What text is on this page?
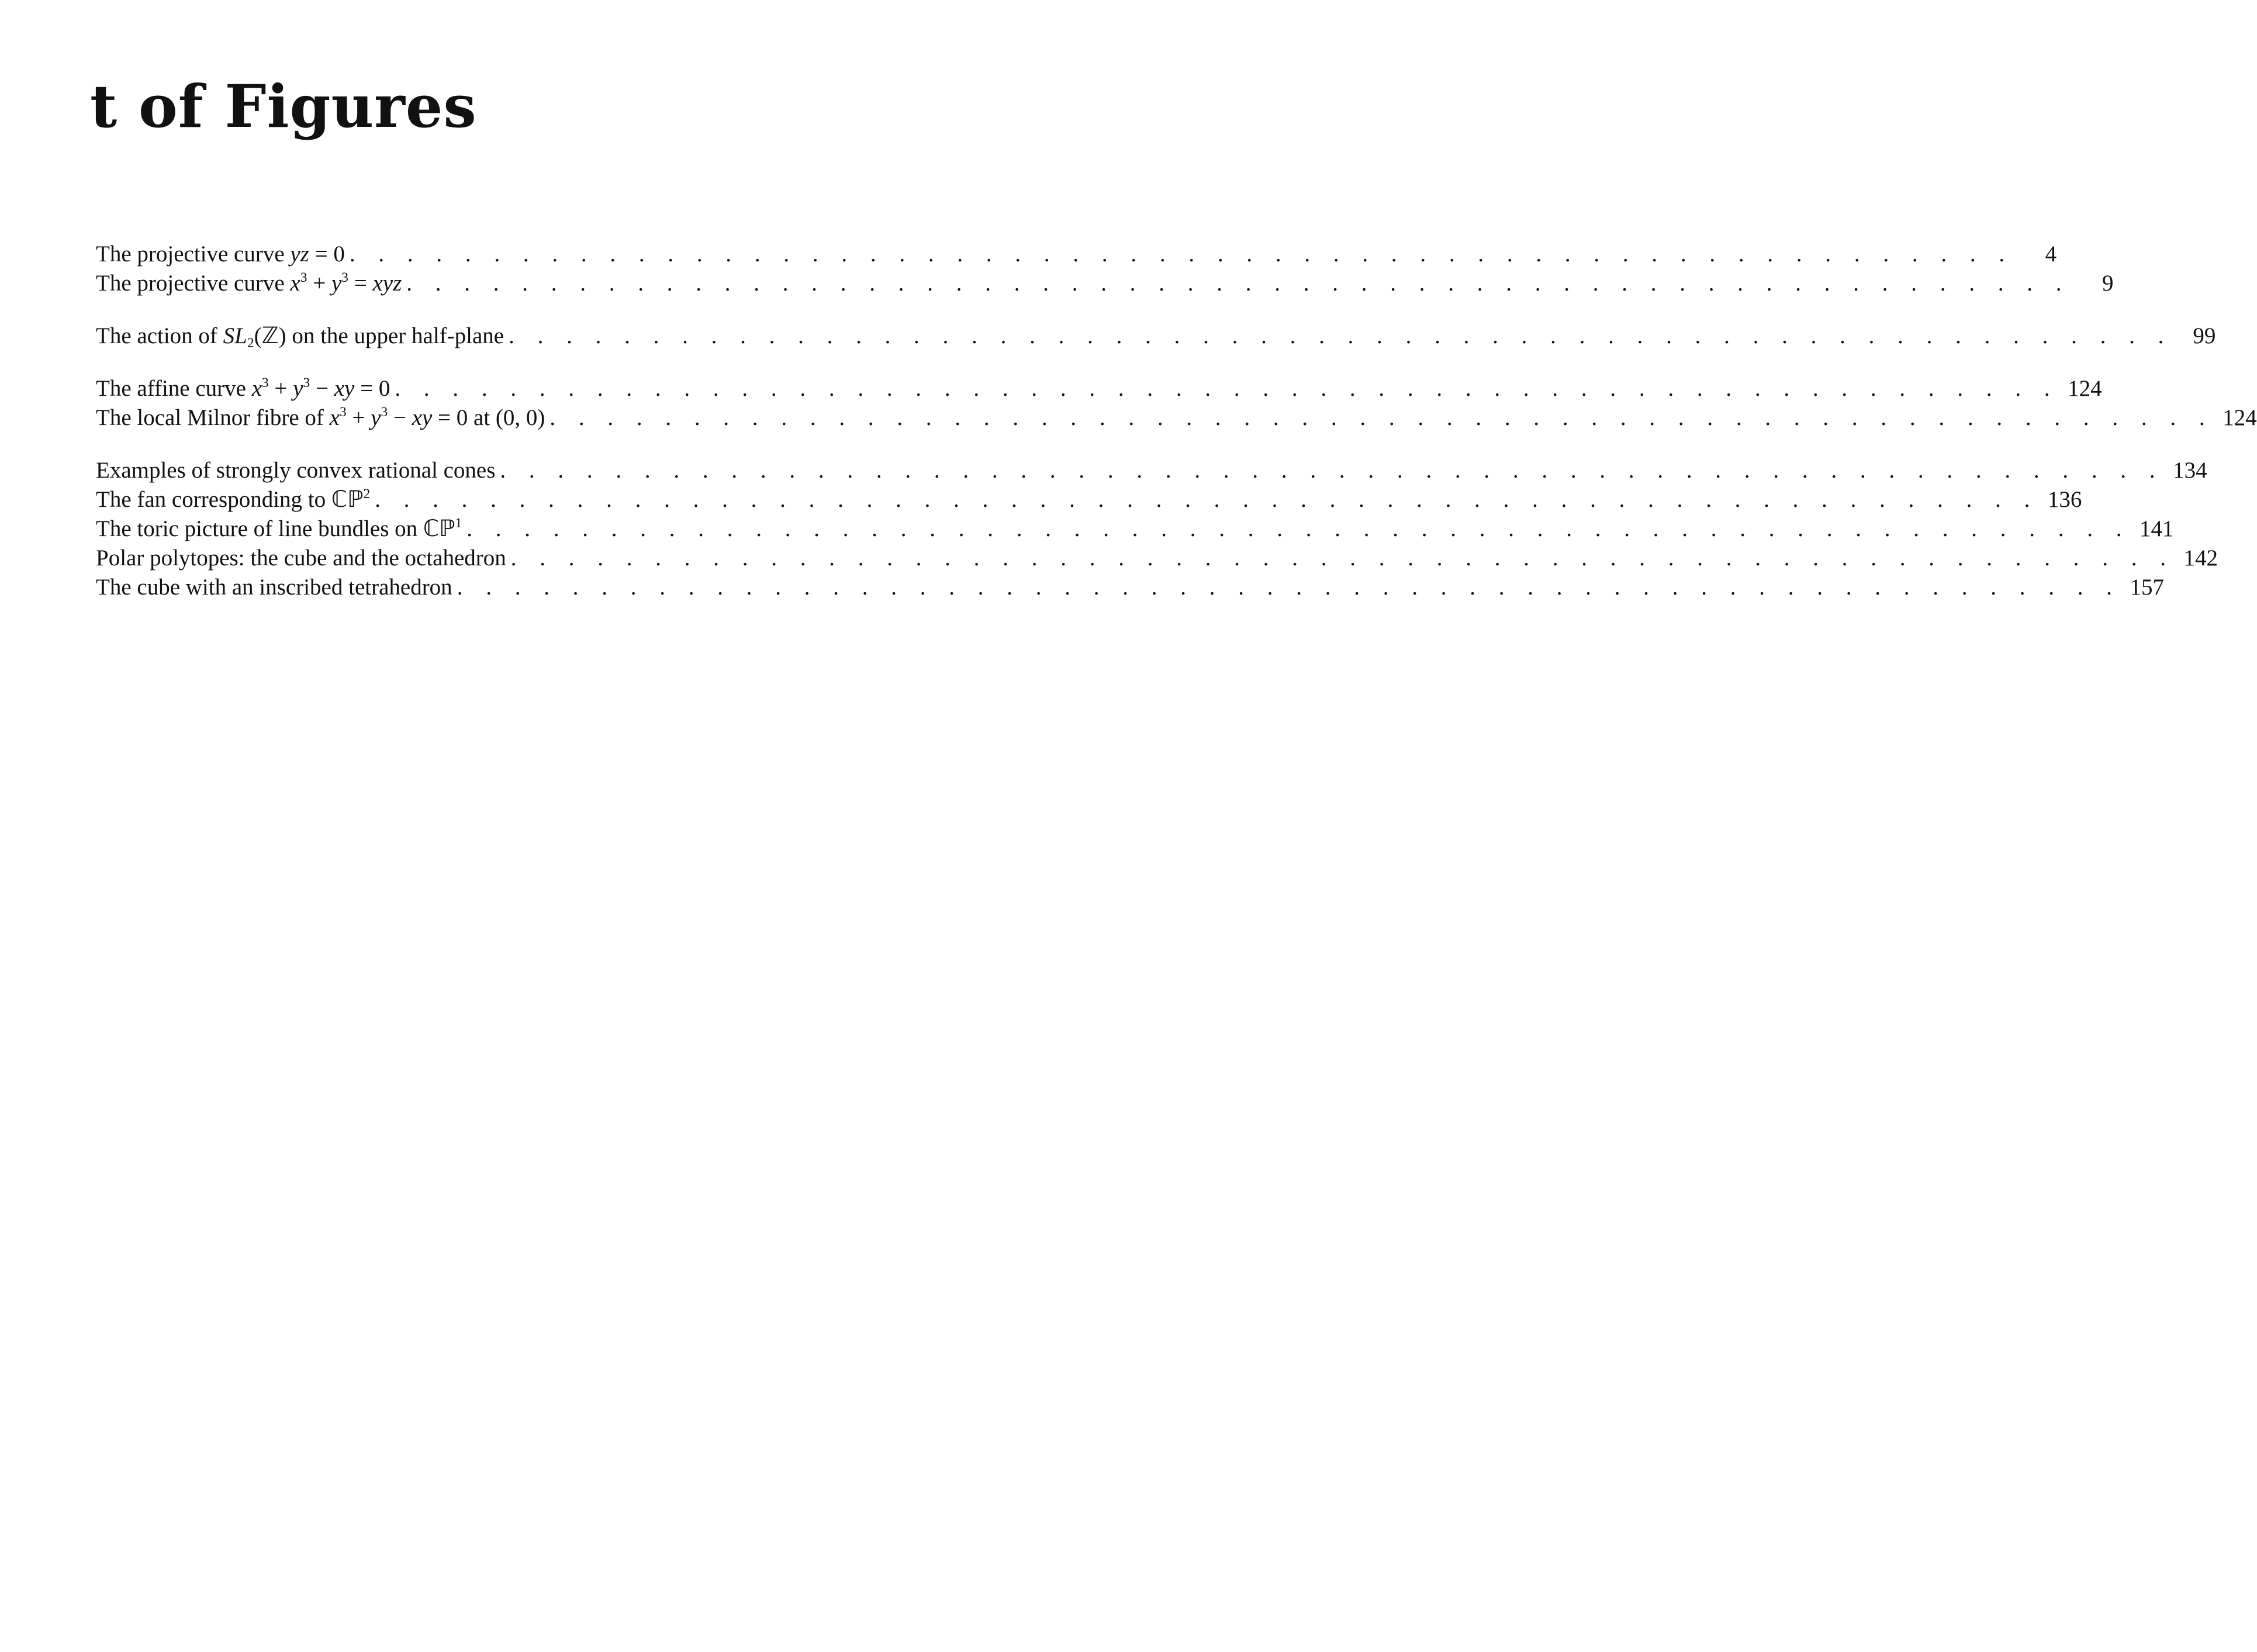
t of Figures
The projective curve yz = 0 . . . . . . . . . . . . . . . . . . . . . . . . . . . . . . . . . . . . . . . . . . . . . . . . . . . . . . . . . .	4
The projective curve $x^3 + y^3$ = xyz . . . . . . . . . . . . . . . . . . . . . . . . . . . . . . . . . . . . . . . . . . . . . . . . . . . . . . . . . .	9
The action of $SL_2(ℤ)$ on the upper half-plane . . . . . . . . . . . . . . . . . . . . . . . . . . . . . . . . . . . . . . . . . . . . . . . . . . . . . . . . . . 99
The affine curve $x^3 + y^3$ − xy = 0 . . . . . . . . . . . . . . . . . . . . . . . . . . . . . . . . . . . . . . . . . . . . . . . . . . . . . . . . . . 124
The local Milnor fibre of $x^3 + y^3$ − xy = 0 at (0, 0) . . . . . . . . . . . . . . . . . . . . . . . . . . . . . . . . . . . . . . . . . . . . . . . . . . . . . . . . . . 124
Examples of strongly convex rational cones . . . . . . . . . . . . . . . . . . . . . . . . . . . . . . . . . . . . . . . . . . . . . . . . . . . . . . . . . . 134
The fan corresponding to ℂℙ$^2$ . . . . . . . . . . . . . . . . . . . . . . . . . . . . . . . . . . . . . . . . . . . . . . . . . . . . . . . . . . 136
The toric picture of line bundles on ℂℙ$^1$ . . . . . . . . . . . . . . . . . . . . . . . . . . . . . . . . . . . . . . . . . . . . . . . . . . . . . . . . . . 141
Polar polytopes: the cube and the octahedron . . . . . . . . . . . . . . . . . . . . . . . . . . . . . . . . . . . . . . . . . . . . . . . . . . . . . . . . . . 142
The cube with an inscribed tetrahedron . . . . . . . . . . . . . . . . . . . . . . . . . . . . . . . . . . . . . . . . . . . . . . . . . . . . . . . . . . 157
